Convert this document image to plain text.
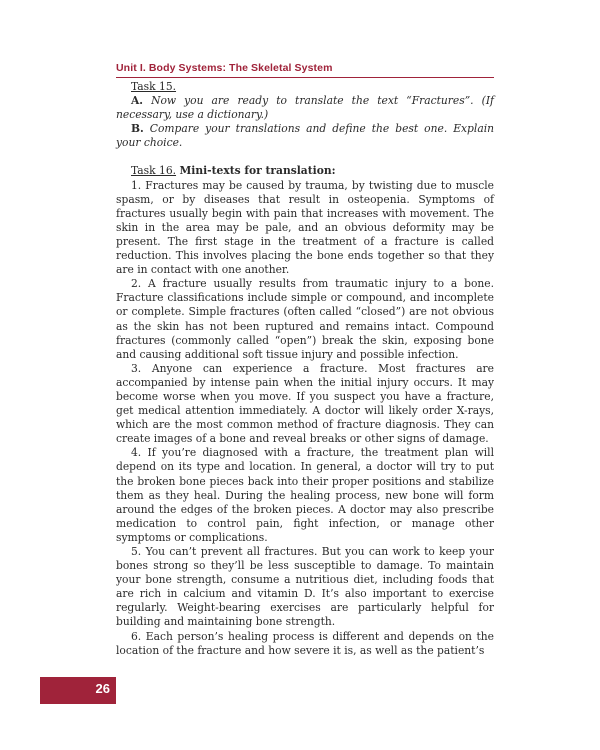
Unit I. Body Systems: The Skeletal System

Task 15.

A. Now you are ready to translate the text “Fractures”. (If necessary, use a dictionary.)

B. Compare your translations and define the best one. Explain your choice.

Task 16. Mini-texts for translation:

1. Fractures may be caused by trauma, by twisting due to muscle spasm, or by diseases that result in osteopenia. Symptoms of fractures usually begin with pain that increases with movement. The skin in the area may be pale, and an obvious deformity may be present. The first stage in the treatment of a fracture is called reduction. This involves placing the bone ends together so that they are in contact with one another.

2. A fracture usually results from traumatic injury to a bone. Fracture classifications include simple or compound, and incomplete or complete. Simple fractures (often called “closed”) are not obvious as the skin has not been ruptured and remains intact. Compound fractures (commonly called “open”) break the skin, exposing bone and causing additional soft tissue injury and possible infection.

3. Anyone can experience a fracture. Most fractures are accompanied by intense pain when the initial injury occurs. It may become worse when you move. If you suspect you have a fracture, get medical attention immediately. A doctor will likely order X-rays, which are the most common method of fracture diagnosis. They can create images of a bone and reveal breaks or other signs of damage.

4. If you’re diagnosed with a fracture, the treatment plan will depend on its type and location. In general, a doctor will try to put the broken bone pieces back into their proper positions and stabilize them as they heal. During the healing process, new bone will form around the edges of the broken pieces. A doctor may also prescribe medication to control pain, fight infection, or manage other symptoms or complications.

5. You can’t prevent all fractures. But you can work to keep your bones strong so they’ll be less susceptible to damage. To maintain your bone strength, consume a nutritious diet, including foods that are rich in calcium and vitamin D. It’s also important to exercise regularly. Weight-bearing exercises are particularly helpful for building and maintaining bone strength.

6. Each person’s healing process is different and depends on the location of the fracture and how severe it is, as well as the patient’s

26
